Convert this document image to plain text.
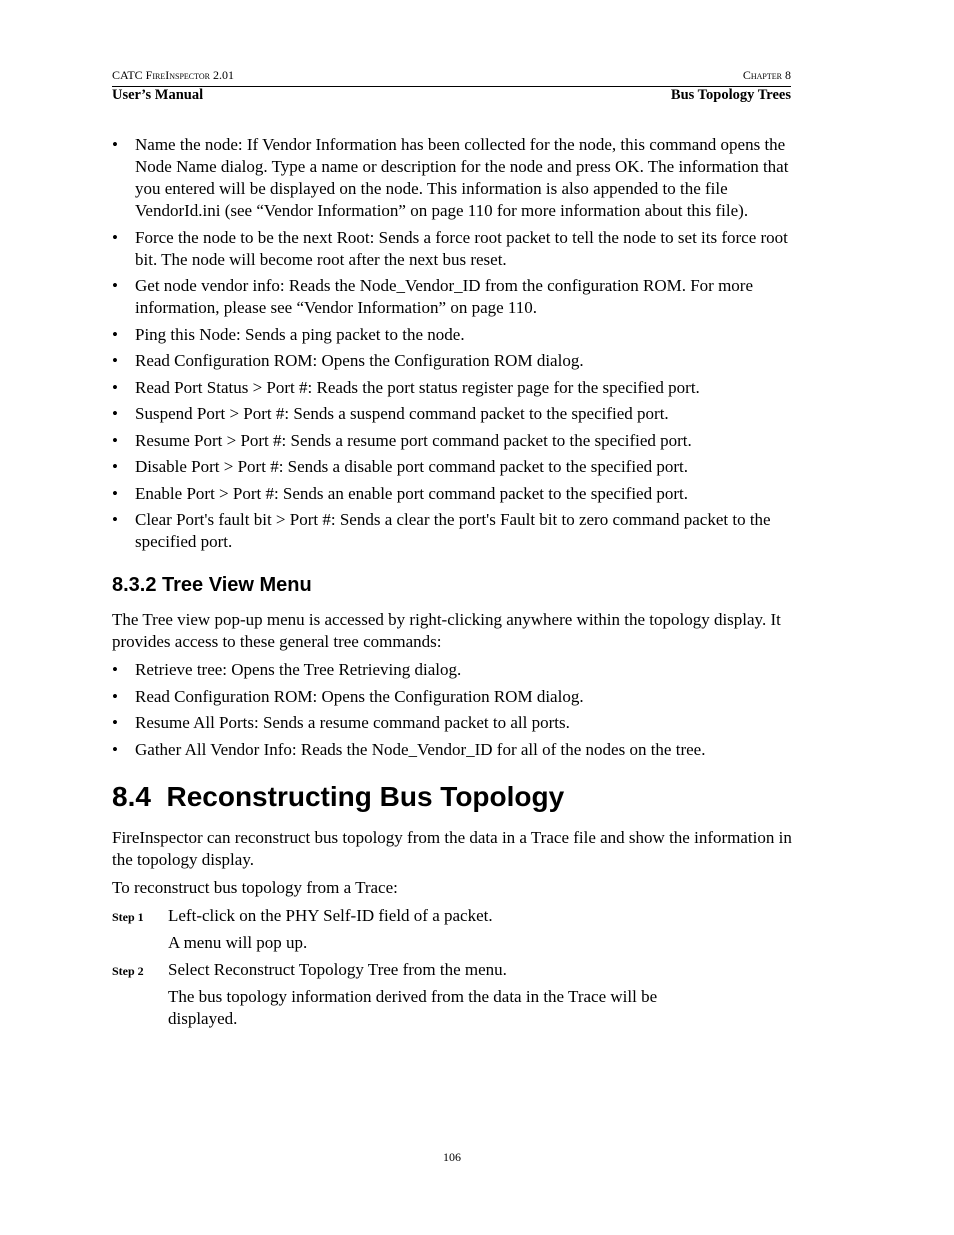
CATC FireInspector 2.01	Chapter 8
User’s Manual	Bus Topology Trees
• Name the node: If Vendor Information has been collected for the node, this command opens the Node Name dialog. Type a name or description for the node and press OK. The information that you entered will be displayed on the node. This information is also appended to the file VendorId.ini (see “Vendor Information” on page 110 for more information about this file).
• Force the node to be the next Root: Sends a force root packet to tell the node to set its force root bit. The node will become root after the next bus reset.
• Get node vendor info: Reads the Node_Vendor_ID from the configuration ROM. For more information, please see “Vendor Information” on page 110.
• Ping this Node: Sends a ping packet to the node.
• Read Configuration ROM: Opens the Configuration ROM dialog.
• Read Port Status > Port #: Reads the port status register page for the specified port.
• Suspend Port > Port #: Sends a suspend command packet to the specified port.
• Resume Port > Port #: Sends a resume port command packet to the specified port.
• Disable Port > Port #: Sends a disable port command packet to the specified port.
• Enable Port > Port #: Sends an enable port command packet to the specified port.
• Clear Port's fault bit > Port #: Sends a clear the port's Fault bit to zero command packet to the specified port.
8.3.2 Tree View Menu

The Tree view pop-up menu is accessed by right-clicking anywhere within the topology display. It provides access to these general tree commands:

• Retrieve tree: Opens the Tree Retrieving dialog.
• Read Configuration ROM: Opens the Configuration ROM dialog.
• Resume All Ports: Sends a resume command packet to all ports.
• Gather All Vendor Info: Reads the Node_Vendor_ID for all of the nodes on the tree.
8.4  Reconstructing Bus Topology

FireInspector can reconstruct bus topology from the data in a Trace file and show the information in the topology display.

To reconstruct bus topology from a Trace:

Step 1 Left-click on the PHY Self-ID field of a packet.
A menu will pop up.
Step 2 Select Reconstruct Topology Tree from the menu.
The bus topology information derived from the data in the Trace will be displayed.
106
